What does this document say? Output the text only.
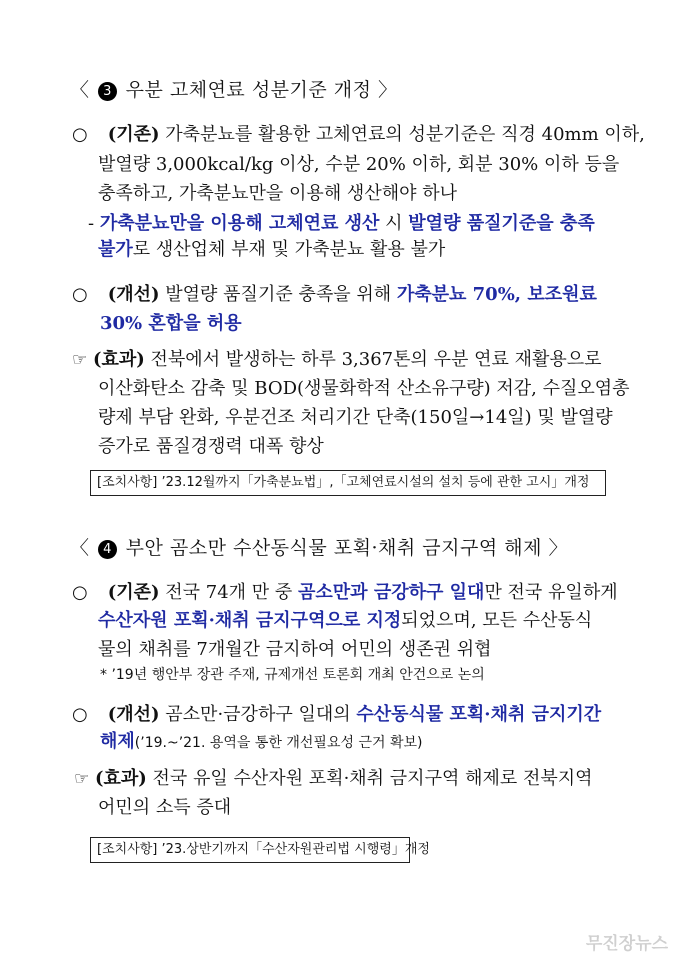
〈 3 우분 고체연료 성분기준 개정 〉
○ (기존) 가축분뇨를 활용한 고체연료의 성분기준은 직경 40mm 이하,
발열량 3,000kcal/kg 이상, 수분 20% 이하, 회분 30% 이하 등을
충족하고, 가축분뇨만을 이용해 생산해야 하나
- 가축분뇨만을 이용해 고체연료 생산 시 발열량 품질기준을 충족
불가로 생산업체 부재 및 가축분뇨 활용 불가
○ (개선) 발열량 품질기준 충족을 위해 가축분뇨 70%, 보조원료
30% 혼합을 허용
☞ (효과) 전북에서 발생하는 하루 3,367톤의 우분 연료 재활용으로
이산화탄소 감축 및 BOD(생물화학적 산소유구량) 저감, 수질오염총
량제 부담 완화, 우분건조 처리기간 단축(150일→14일) 및 발열량
증가로 품질경쟁력 대폭 향상
[조치사항] ’23.12월까지「가축분뇨법」,「고체연료시설의 설치 등에 관한 고시」개정
〈 4 부안 곰소만 수산동식물 포획·채취 금지구역 해제 〉
○ (기존) 전국 74개 만 중 곰소만과 금강하구 일대만 전국 유일하게
수산자원 포획·채취 금지구역으로 지정되었으며, 모든 수산동식
물의 채취를 7개월간 금지하여 어민의 생존권 위협
* ’19년 행안부 장관 주재, 규제개선 토론회 개최 안건으로 논의
○ (개선) 곰소만·금강하구 일대의 수산동식물 포획·채취 금지기간
해제(’19.~’21. 용역을 통한 개선필요성 근거 확보)
☞ (효과) 전국 유일 수산자원 포획·채취 금지구역 해제로 전북지역
어민의 소득 증대
[조치사항] ’23.상반기까지「수산자원관리법 시행령」개정
무진장뉴스
